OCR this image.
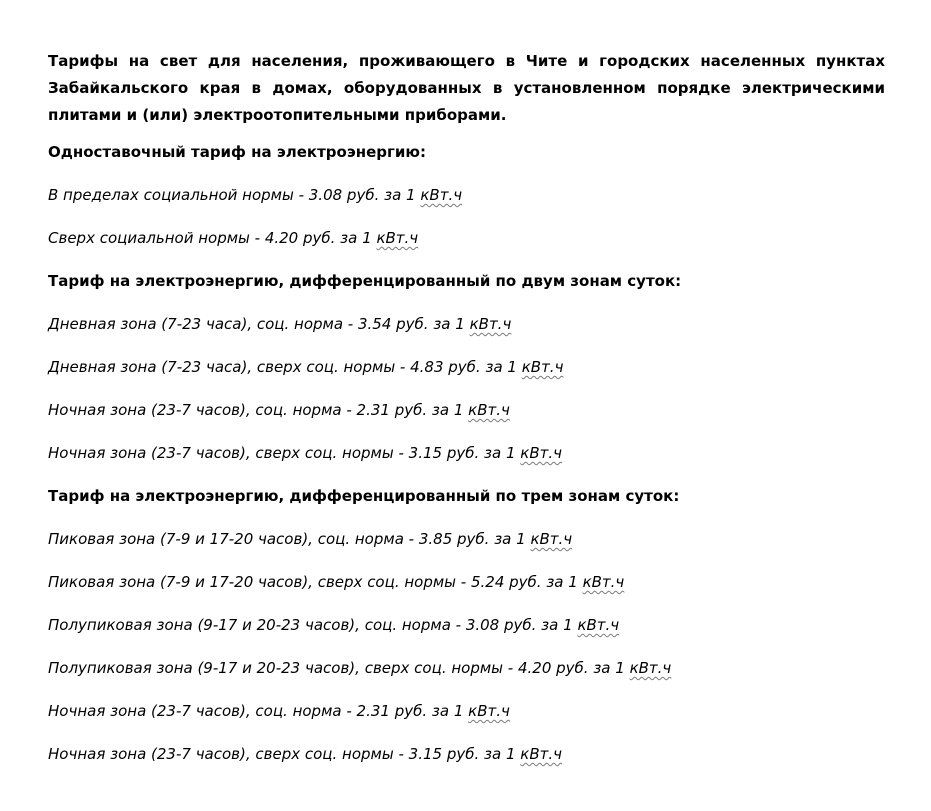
Тарифы на свет для населения, проживающего в Чите и городских населенных пунктах Забайкальского края в домах, оборудованных в установленном порядке электрическими плитами и (или) электроотопительными приборами.

Одноставочный тариф на электроэнергию:

В пределах социальной нормы - 3.08 руб. за 1 кВт.ч

Сверх социальной нормы - 4.20 руб. за 1 кВт.ч

Тариф на электроэнергию, дифференцированный по двум зонам суток:

Дневная зона (7-23 часа), соц. норма - 3.54 руб. за 1 кВт.ч

Дневная зона (7-23 часа), сверх соц. нормы - 4.83 руб. за 1 кВт.ч

Ночная зона (23-7 часов), соц. норма - 2.31 руб. за 1 кВт.ч

Ночная зона (23-7 часов), сверх соц. нормы - 3.15 руб. за 1 кВт.ч

Тариф на электроэнергию, дифференцированный по трем зонам суток:

Пиковая зона (7-9 и 17-20 часов), соц. норма - 3.85 руб. за 1 кВт.ч

Пиковая зона (7-9 и 17-20 часов), сверх соц. нормы - 5.24 руб. за 1 кВт.ч

Полупиковая зона (9-17 и 20-23 часов), соц. норма - 3.08 руб. за 1 кВт.ч

Полупиковая зона (9-17 и 20-23 часов), сверх соц. нормы - 4.20 руб. за 1 кВт.ч

Ночная зона (23-7 часов), соц. норма - 2.31 руб. за 1 кВт.ч

Ночная зона (23-7 часов), сверх соц. нормы - 3.15 руб. за 1 кВт.ч
